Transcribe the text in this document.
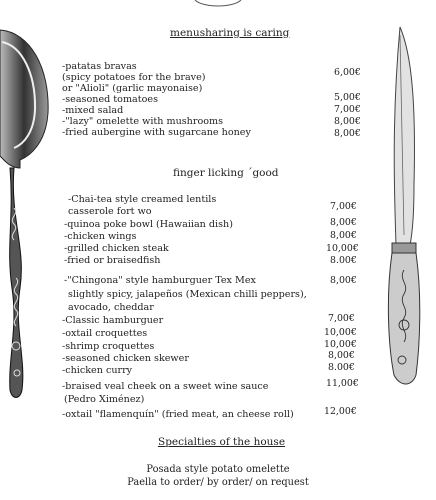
menusharing is caring
-patatas bravas
(spicy potatoes for the brave)	6,00€
or "Alioli" (garlic mayonaise)
-seasoned tomatoes	5,00€
-mixed salad	7,00€
-"lazy" omelette with mushrooms	8,00€
-fried aubergine with sugarcane honey	8,00€
finger licking ´good
-Chai-tea style creamed lentils
casserole fort wo	7,00€
-quinoa poke bowl (Hawaiian dish)	8,00€
-chicken wings	8,00€
-grilled chicken steak	10,00€
-fried or braisedfish	8.00€
-"Chingona" style hamburguer Tex Mex	8,00€
slightly spicy, jalapeños (Mexican chilli peppers),
avocado, cheddar
-Classic hamburguer	7,00€
-oxtail croquettes	10,00€
-shrimp croquettes	10,00€
-seasoned chicken skewer	8,00€
-chicken curry	8.00€
-braised veal cheek on a sweet wine sauce	11,00€
(Pedro Ximénez)
-oxtail "flamenquín" (fried meat, an cheese roll)	12,00€
Specialties of the house
Posada style potato omelette
Paella to order/ by order/ on request
